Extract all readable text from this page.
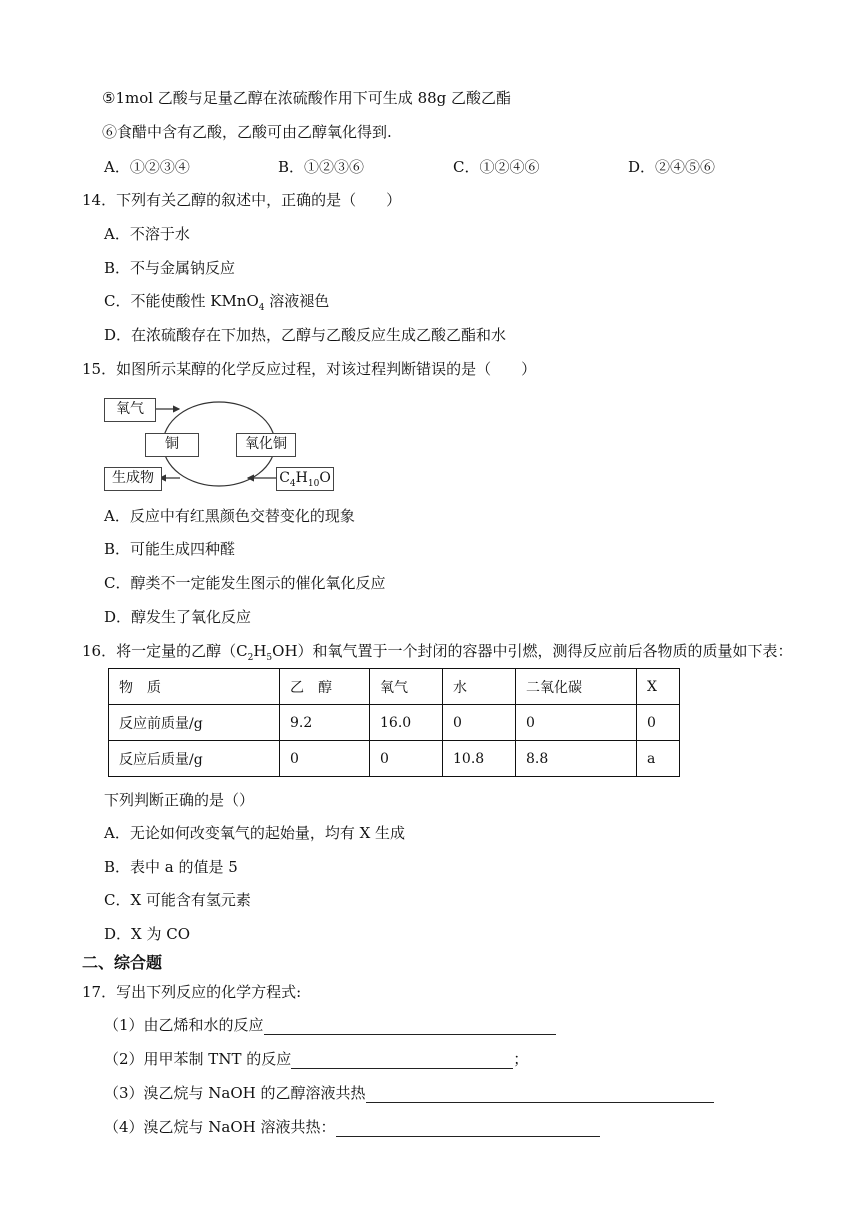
⑤1mol 乙酸与足量乙醇在浓硫酸作用下可生成 88g 乙酸乙酯
⑥食醋中含有乙酸，乙酸可由乙醇氧化得到.
A．①②③④	B．①②③⑥	C．①②④⑥	D．②④⑤⑥
14．下列有关乙醇的叙述中，正确的是（　　）
A．不溶于水
B．不与金属钠反应
C．不能使酸性 KMnO$_4$ 溶液褪色
D．在浓硫酸存在下加热，乙醇与乙酸反应生成乙酸乙酯和水
15．如图所示某醇的化学反应过程，对该过程判断错误的是（　　）
氧气
铜	氧化铜
生成物	$C_4H_{10}O$
A．反应中有红黑颜色交替变化的现象
B．可能生成四种醛
C．醇类不一定能发生图示的催化氧化反应
D．醇发生了氧化反应
16．将一定量的乙醇$(C_2H_5OH)$和氧气置于一个封闭的容器中引燃，测得反应前后各物质的质量如下表：
物　质	乙　醇	氧气	水	二氧化碳	X
反应前质量/g	9.2	16.0	0	0	0
反应后质量/g	0	0	10.8	8.8	a
下列判断正确的是（）
A．无论如何改变氧气的起始量，均有 X 生成
B．表中 a 的值是 5
C．X 可能含有氢元素
D．X 为 CO
二、综合题
17．写出下列反应的化学方程式:
（1）由乙烯和水的反应
（2）用甲苯制 TNT 的反应	；
（3）溴乙烷与 NaOH 的乙醇溶液共热
（4）溴乙烷与 NaOH 溶液共热：
